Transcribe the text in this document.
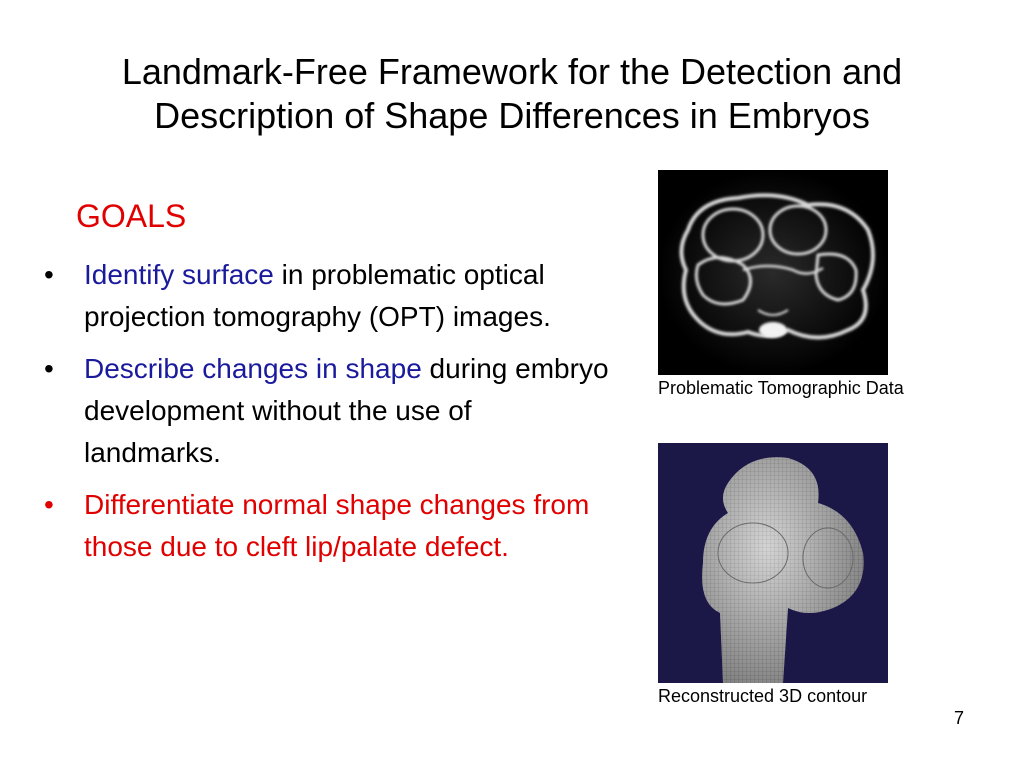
Landmark-Free Framework for the Detection and
Description of Shape Differences in Embryos
GOALS
• Identify surface in problematic optical projection tomography (OPT) images.
• Describe changes in shape during embryo development without the use of landmarks.
• Differentiate normal shape changes from those due to cleft lip/palate defect.
Problematic Tomographic Data
Reconstructed 3D contour
7
